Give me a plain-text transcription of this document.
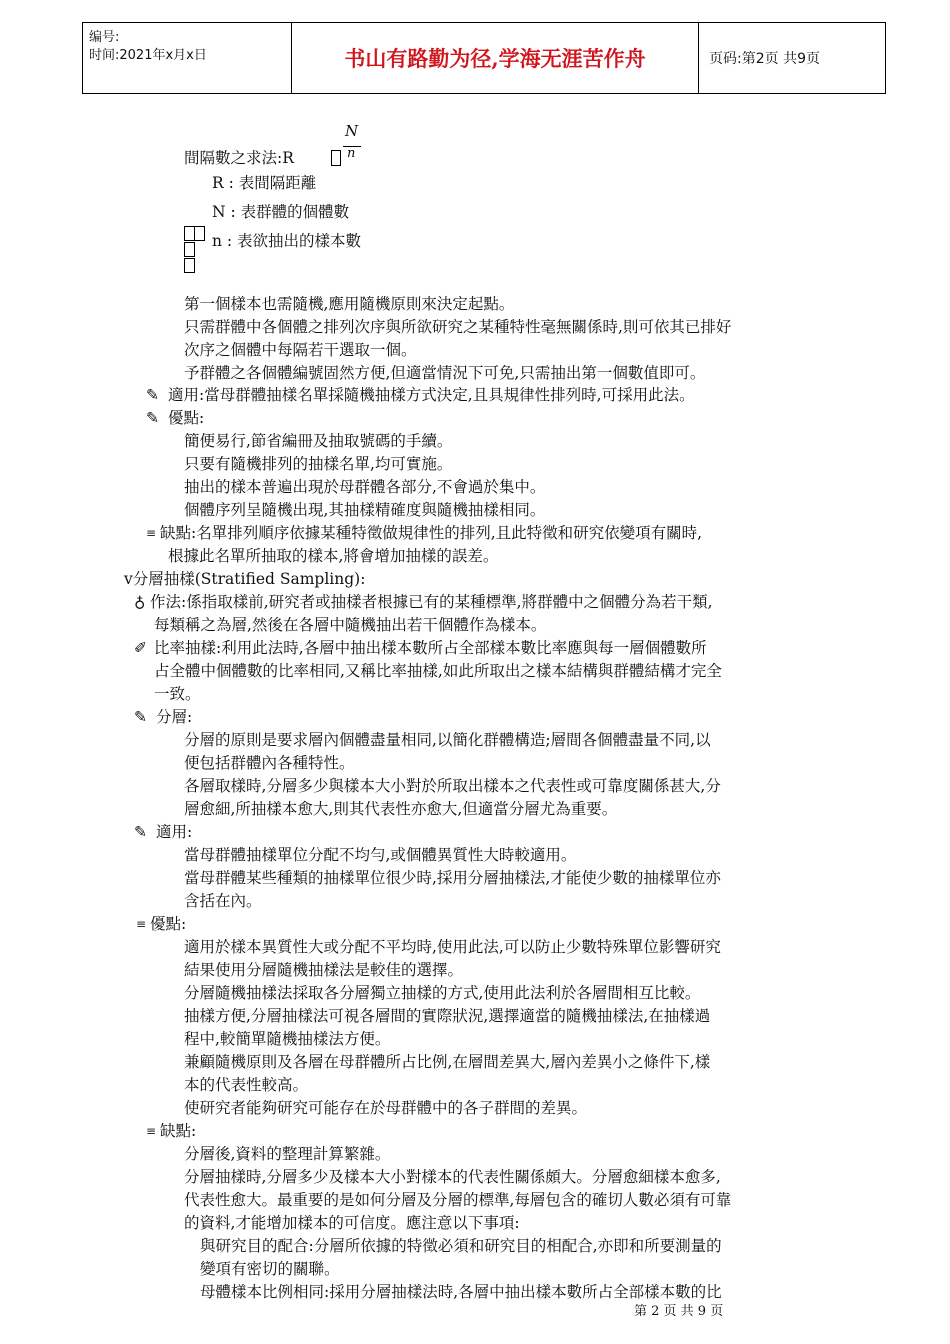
编号:
时间:2021年x月x日	书山有路勤为径,学海无涯苦作舟	页码:第2页 共9页
N
n
間隔數之求法:R
R : 表間隔距離
N : 表群體的個體數
n : 表欲抽出的樣本數
第一個樣本也需隨機,應用隨機原則來決定起點。
只需群體中各個體之排列次序與所欲研究之某種特性毫無關係時,則可依其已排好
次序之個體中每隔若干選取一個。
予群體之各個體編號固然方便,但適當情況下可免,只需抽出第一個數值即可。
✎ 適用:當母群體抽樣名單採隨機抽樣方式決定,且具規律性排列時,可採用此法。
✎ 優點:
簡便易行,節省編冊及抽取號碼的手續。
只要有隨機排列的抽樣名單,均可實施。
抽出的樣本普遍出現於母群體各部分,不會過於集中。
個體序列呈隨機出現,其抽樣精確度與隨機抽樣相同。
≡ 缺點:名單排列順序依據某種特徵做規律性的排列,且此特徵和研究依變項有關時,
根據此名單所抽取的樣本,將會增加抽樣的誤差。
v分層抽樣(Stratified Sampling):
♁ 作法:係指取樣前,研究者或抽樣者根據已有的某種標準,將群體中之個體分為若干類,
每類稱之為層,然後在各層中隨機抽出若干個體作為樣本。
✐ 比率抽樣:利用此法時,各層中抽出樣本數所占全部樣本數比率應與每一層個體數所
占全體中個體數的比率相同,又稱比率抽樣,如此所取出之樣本結構與群體結構才完全
一致。
✎ 分層:
分層的原則是要求層內個體盡量相同,以簡化群體構造;層間各個體盡量不同,以
便包括群體內各種特性。
各層取樣時,分層多少與樣本大小對於所取出樣本之代表性或可靠度關係甚大,分
層愈細,所抽樣本愈大,則其代表性亦愈大,但適當分層尤為重要。
✎ 適用:
當母群體抽樣單位分配不均勻,或個體異質性大時較適用。
當母群體某些種類的抽樣單位很少時,採用分層抽樣法,才能使少數的抽樣單位亦
含括在內。
≡ 優點:
適用於樣本異質性大或分配不平均時,使用此法,可以防止少數特殊單位影響研究
結果使用分層隨機抽樣法是較佳的選擇。
分層隨機抽樣法採取各分層獨立抽樣的方式,使用此法利於各層間相互比較。
抽樣方便,分層抽樣法可視各層間的實際狀況,選擇適當的隨機抽樣法,在抽樣過
程中,較簡單隨機抽樣法方便。
兼顧隨機原則及各層在母群體所占比例,在層間差異大,層內差異小之條件下,樣
本的代表性較高。
使研究者能夠研究可能存在於母群體中的各子群間的差異。
≡ 缺點:
分層後,資料的整理計算繁雜。
分層抽樣時,分層多少及樣本大小對樣本的代表性關係頗大。分層愈細樣本愈多,
代表性愈大。最重要的是如何分層及分層的標準,每層包含的確切人數必須有可靠
的資料,才能增加樣本的可信度。應注意以下事項:
與研究目的配合:分層所依據的特徵必須和研究目的相配合,亦即和所要測量的
變項有密切的關聯。
母體樣本比例相同:採用分層抽樣法時,各層中抽出樣本數所占全部樣本數的比
第 2 页 共 9 页
